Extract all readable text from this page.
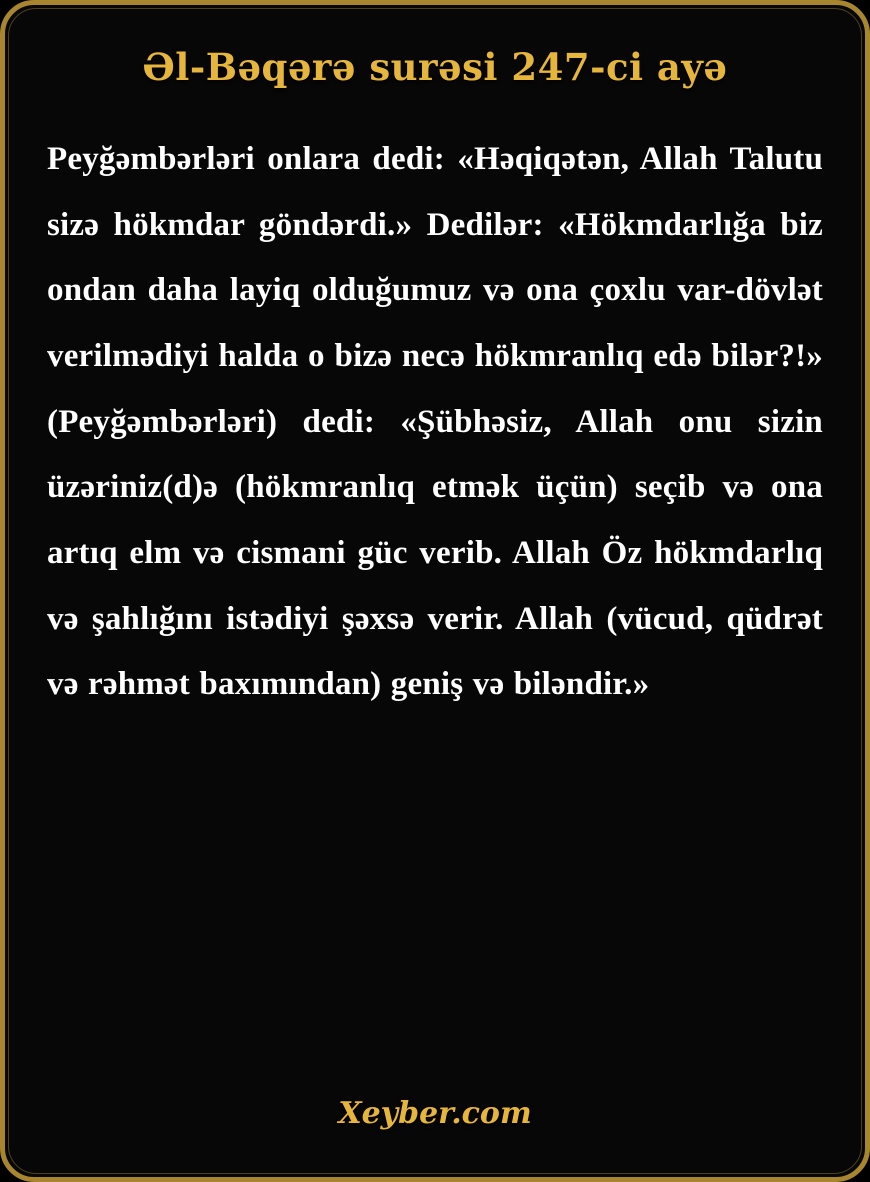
Əl-Bəqərə surəsi 247-ci ayə

Peyğəmbərləri onlara dedi: «Həqiqətən, Allah Talutu sizə hökmdar göndərdi.» Dedilər: «Hökmdarlığa biz ondan daha layiq olduğumuz və ona çoxlu var-dövlət verilmədiyi halda o bizə necə hökmranlıq edə bilər?!» (Peyğəmbərləri) dedi: «Şübhəsiz, Allah onu sizin üzəriniz(d)ə (hökmranlıq etmək üçün) seçib və ona artıq elm və cismani güc verib. Allah Öz hökmdarlıq və şahlığını istədiyi şəxsə verir. Allah (vücud, qüdrət və rəhmət baxımından) geniş və biləndir.»

Xeyber.com
